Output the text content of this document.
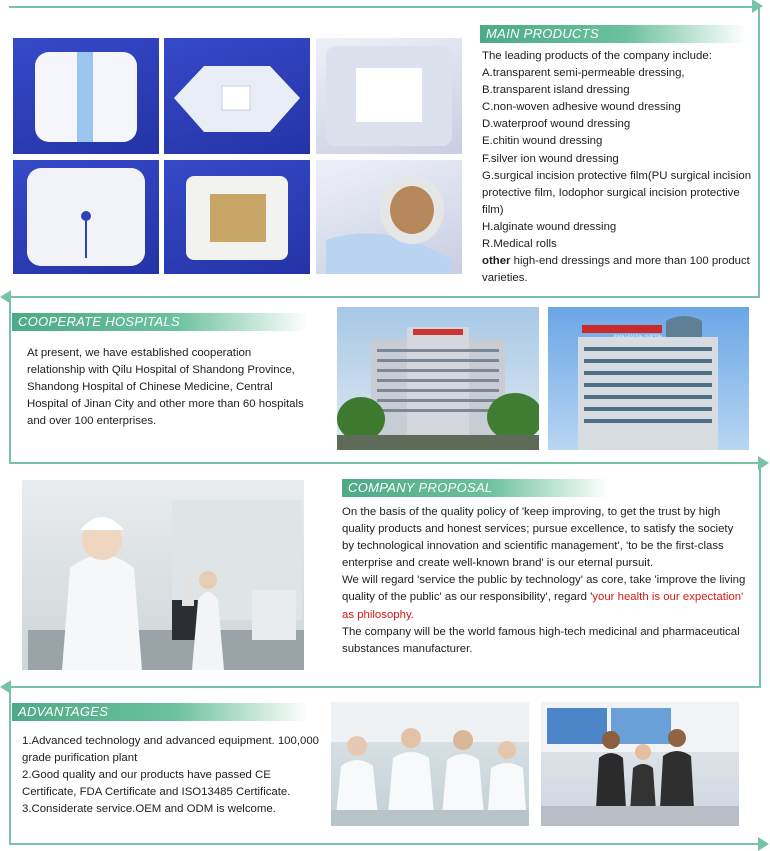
MAIN PRODUCTS

The leading products of the company include:

A.transparent semi-permeable dressing,

B.transparent island dressing

C.non-woven adhesive wound dressing

D.waterproof wound dressing

E.chitin wound dressing

F.silver ion wound dressing

G.surgical incision protective film(PU surgical incision protective film, Iodophor surgical incision protective film)

H.alginate wound dressing

R.Medical rolls

other high-end dressings and more than 100 product varieties.

COOPERATE HOSPITALS
At present, we have established cooperation relationship with Qilu Hospital of Shandong Province, Shandong Hospital of Chinese Medicine, Central Hospital of Jinan City and other more than 60 hospitals and over 100 enterprises.
JINAN CENTRAL HOSPITAL
COMPANY PROPOSAL

On the basis of the quality policy of 'keep improving, to get the trust by high quality products and honest services; pursue excellence, to satisfy the society by technological innovation and scientific management', 'to be the first-class enterprise and create well-known brand' is our eternal pursuit.

We will regard 'service the public by technology' as core, take 'improve the living quality of the public' as our responsibility', regard 'your health is our expectation' as philosophy.

The company will be the world famous high-tech medicinal and pharmaceutical substances manufacturer.

ADVANTAGES

1.Advanced technology and advanced equipment. 100,000 grade purification plant

2.Good quality and our products have passed CE Certificate, FDA Certificate and ISO13485 Certificate.

3.Considerate service.OEM and ODM is welcome.
